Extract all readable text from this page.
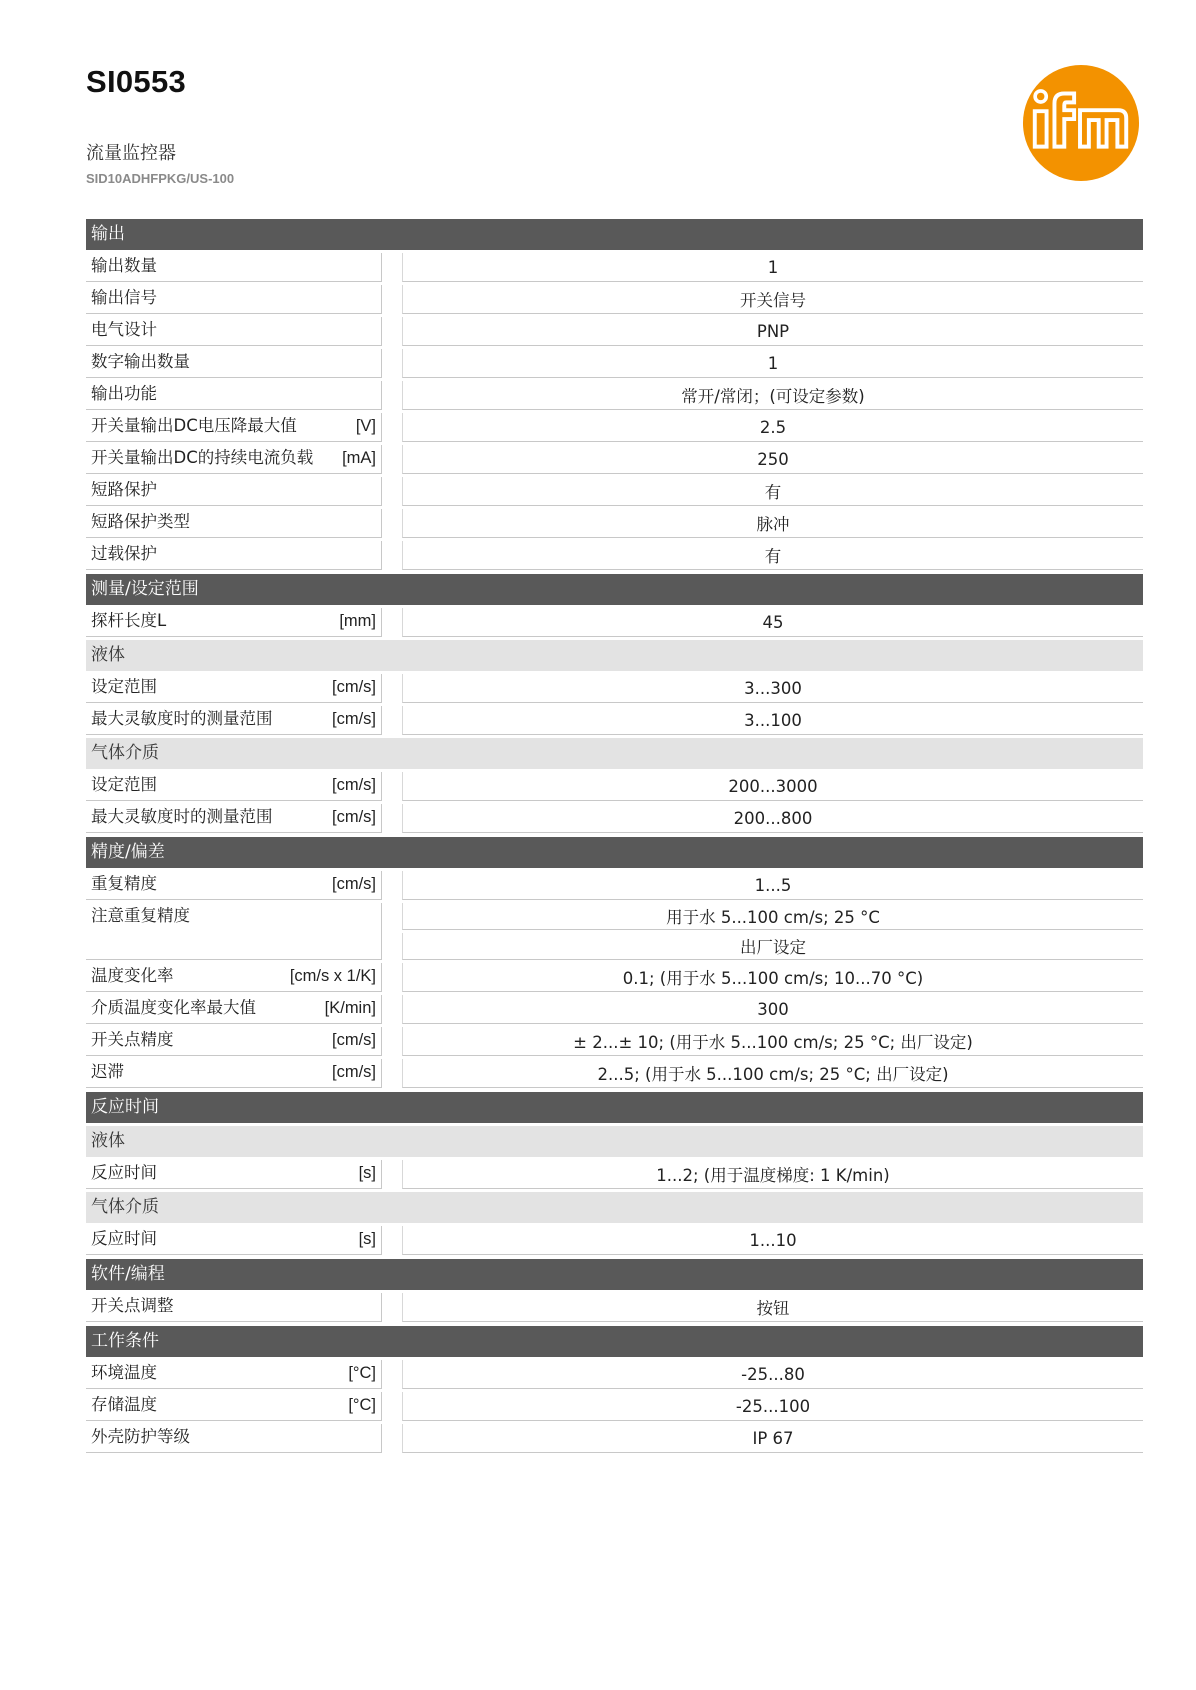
SI0553
流量监控器
SID10ADHFPKG/US-100	ifm
输出
输出数量	1
输出信号	开关信号
电气设计	PNP
数字输出数量	1
输出功能	常开/常闭；(可设定参数)
开关量输出DC电压降最大值	[V]	2.5
开关量输出DC的持续电流负载 [mA]	250
短路保护	有
短路保护类型	脉冲
过载保护	有
测量/设定范围
探杆长度L	[mm]	45
液体
设定范围	[cm/s]	3...300
最大灵敏度时的测量范围	[cm/s]	3...100
气体介质
设定范围	[cm/s]	200...3000
最大灵敏度时的测量范围	[cm/s]	200...800
精度/偏差
重复精度	[cm/s]	1...5
注意重复精度	用于水 5...100 cm/s; 25 °C
出厂设定
温度变化率	[cm/s x 1/K]	0.1; (用于水 5...100 cm/s; 10...70 °C)
介质温度变化率最大值	[K/min]	300
开关点精度	[cm/s]	± 2...± 10; (用于水 5...100 cm/s; 25 °C; 出厂设定)
迟滞	[cm/s]	2...5; (用于水 5...100 cm/s; 25 °C; 出厂设定)
反应时间
液体
反应时间	[s]	1...2; (用于温度梯度: 1 K/min)
气体介质
反应时间	[s]	1...10
软件/编程
开关点调整	按钮
工作条件
环境温度	[°C]	-25...80
存储温度	[°C]	-25...100
外壳防护等级	IP 67
